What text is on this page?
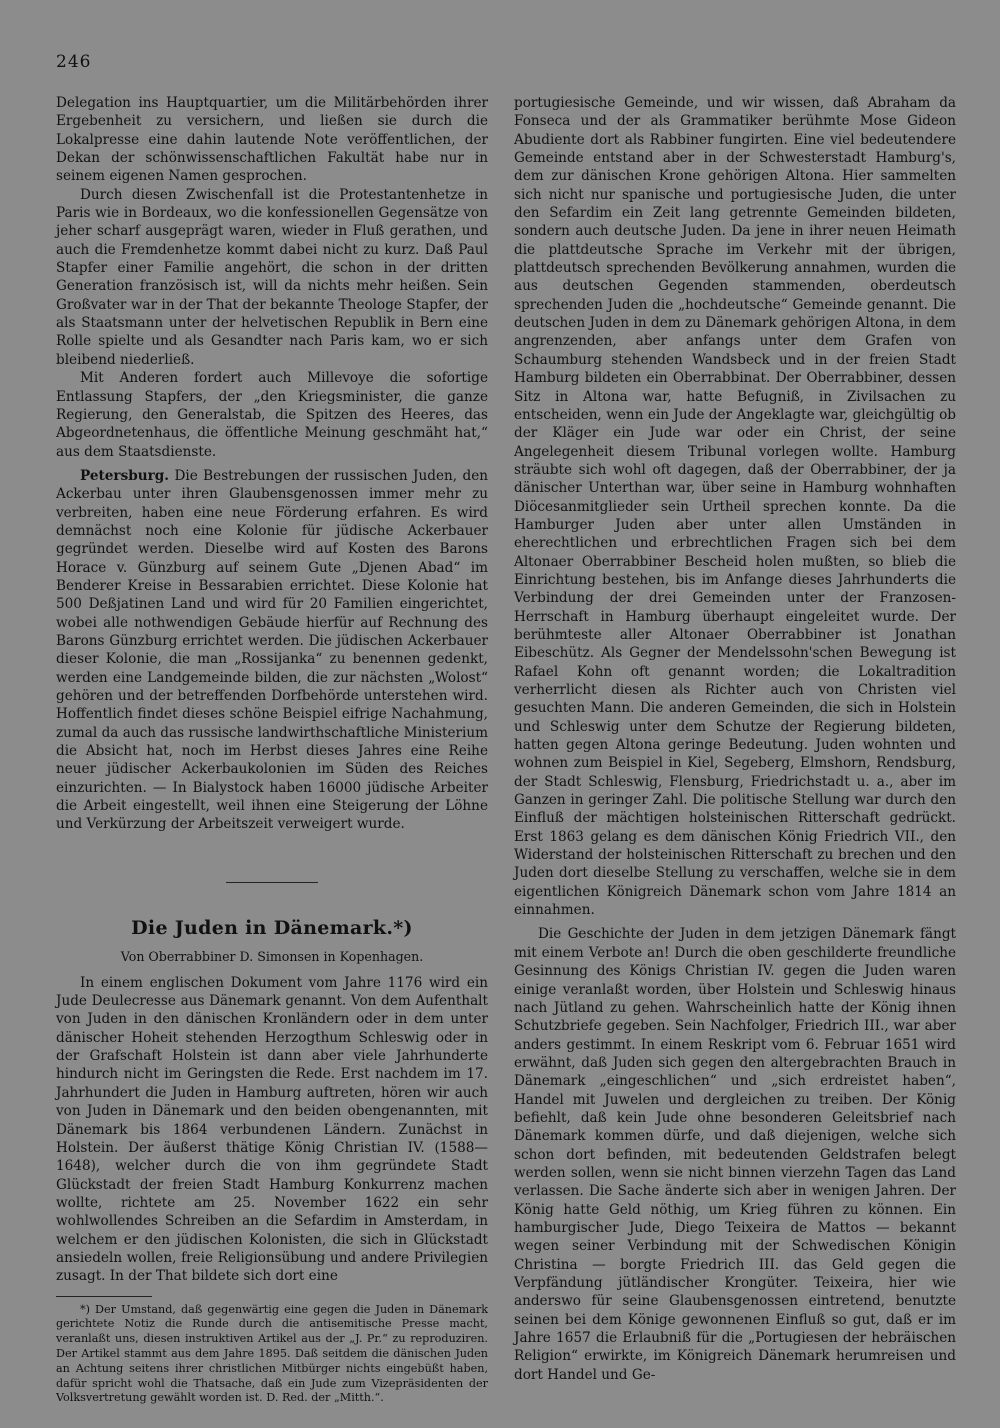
246

Delegation ins Hauptquartier, um die Militärbehörden ihrer Ergebenheit zu versichern, und ließen sie durch die Lokalpresse eine dahin lautende Note veröffentlichen, der Dekan der schönwissenschaftlichen Fakultät habe nur in seinem eigenen Namen gesprochen.

Durch diesen Zwischenfall ist die Protestantenhetze in Paris wie in Bordeaux, wo die konfessionellen Gegensätze von jeher scharf ausgeprägt waren, wieder in Fluß gerathen, und auch die Fremdenhetze kommt dabei nicht zu kurz. Daß Paul Stapfer einer Familie angehört, die schon in der dritten Generation französisch ist, will da nichts mehr heißen. Sein Großvater war in der That der bekannte Theologe Stapfer, der als Staatsmann unter der helvetischen Republik in Bern eine Rolle spielte und als Gesandter nach Paris kam, wo er sich bleibend niederließ.

Mit Anderen fordert auch Millevoye die sofortige Entlassung Stapfers, der „den Kriegsminister, die ganze Regierung, den Generalstab, die Spitzen des Heeres, das Abgeordnetenhaus, die öffentliche Meinung geschmäht hat,“ aus dem Staatsdienste.

Petersburg. Die Bestrebungen der russischen Juden, den Ackerbau unter ihren Glaubensgenossen immer mehr zu verbreiten, haben eine neue Förderung erfahren. Es wird demnächst noch eine Kolonie für jüdische Ackerbauer gegründet werden. Dieselbe wird auf Kosten des Barons Horace v. Günzburg auf seinem Gute „Djenen Abad“ im Benderer Kreise in Bessarabien errichtet. Diese Kolonie hat 500 Deßjatinen Land und wird für 20 Familien eingerichtet, wobei alle nothwendigen Gebäude hierfür auf Rechnung des Barons Günzburg errichtet werden. Die jüdischen Ackerbauer dieser Kolonie, die man „Rossijanka“ zu benennen gedenkt, werden eine Landgemeinde bilden, die zur nächsten „Wolost“ gehören und der betreffenden Dorfbehörde unterstehen wird. Hoffentlich findet dieses schöne Beispiel eifrige Nachahmung, zumal da auch das russische landwirthschaftliche Ministerium die Absicht hat, noch im Herbst dieses Jahres eine Reihe neuer jüdischer Ackerbaukolonien im Süden des Reiches einzurichten. — In Bialystock haben 16000 jüdische Arbeiter die Arbeit eingestellt, weil ihnen eine Steigerung der Löhne und Verkürzung der Arbeitszeit verweigert wurde.

Die Juden in Dänemark.*)
Von Oberrabbiner D. Simonsen in Kopenhagen.

In einem englischen Dokument vom Jahre 1176 wird ein Jude Deulecresse aus Dänemark genannt. Von dem Aufenthalt von Juden in den dänischen Kronländern oder in dem unter dänischer Hoheit stehenden Herzogthum Schleswig oder in der Grafschaft Holstein ist dann aber viele Jahrhunderte hindurch nicht im Geringsten die Rede. Erst nachdem im 17. Jahrhundert die Juden in Hamburg auftreten, hören wir auch von Juden in Dänemark und den beiden obengenannten, mit Dänemark bis 1864 verbundenen Ländern. Zunächst in Holstein. Der äußerst thätige König Christian IV. (1588—1648), welcher durch die von ihm gegründete Stadt Glückstadt der freien Stadt Hamburg Konkurrenz machen wollte, richtete am 25. November 1622 ein sehr wohlwollendes Schreiben an die Sefardim in Amsterdam, in welchem er den jüdischen Kolonisten, die sich in Glückstadt ansiedeln wollen, freie Religionsübung und andere Privilegien zusagt. In der That bildete sich dort eine

*) Der Umstand, daß gegenwärtig eine gegen die Juden in Dänemark gerichtete Notiz die Runde durch die antisemitische Presse macht, veranlaßt uns, diesen instruktiven Artikel aus der „J. Pr.“ zu reproduziren. Der Artikel stammt aus dem Jahre 1895. Daß seitdem die dänischen Juden an Achtung seitens ihrer christlichen Mitbürger nichts eingebüßt haben, dafür spricht wohl die Thatsache, daß ein Jude zum Vizepräsidenten der Volksvertretung gewählt worden ist. D. Red. der „Mitth.“.

portugiesische Gemeinde, und wir wissen, daß Abraham da Fonseca und der als Grammatiker berühmte Mose Gideon Abudiente dort als Rabbiner fungirten. Eine viel bedeutendere Gemeinde entstand aber in der Schwesterstadt Hamburg's, dem zur dänischen Krone gehörigen Altona. Hier sammelten sich nicht nur spanische und portugiesische Juden, die unter den Sefardim ein Zeit lang getrennte Gemeinden bildeten, sondern auch deutsche Juden. Da jene in ihrer neuen Heimath die plattdeutsche Sprache im Verkehr mit der übrigen, plattdeutsch sprechenden Bevölkerung annahmen, wurden die aus deutschen Gegenden stammenden, oberdeutsch sprechenden Juden die „hochdeutsche“ Gemeinde genannt. Die deutschen Juden in dem zu Dänemark gehörigen Altona, in dem angrenzenden, aber anfangs unter dem Grafen von Schaumburg stehenden Wandsbeck und in der freien Stadt Hamburg bildeten ein Oberrabbinat. Der Oberrabbiner, dessen Sitz in Altona war, hatte Befugniß, in Zivilsachen zu entscheiden, wenn ein Jude der Angeklagte war, gleichgültig ob der Kläger ein Jude war oder ein Christ, der seine Angelegenheit diesem Tribunal vorlegen wollte. Hamburg sträubte sich wohl oft dagegen, daß der Oberrabbiner, der ja dänischer Unterthan war, über seine in Hamburg wohnhaften Diöcesanmitglieder sein Urtheil sprechen konnte. Da die Hamburger Juden aber unter allen Umständen in eherechtlichen und erbrechtlichen Fragen sich bei dem Altonaer Oberrabbiner Bescheid holen mußten, so blieb die Einrichtung bestehen, bis im Anfange dieses Jahrhunderts die Verbindung der drei Gemeinden unter der Franzosen-Herrschaft in Hamburg überhaupt eingeleitet wurde. Der berühmteste aller Altonaer Oberrabbiner ist Jonathan Eibeschütz. Als Gegner der Mendelssohn'schen Bewegung ist Rafael Kohn oft genannt worden; die Lokaltradition verherrlicht diesen als Richter auch von Christen viel gesuchten Mann. Die anderen Gemeinden, die sich in Holstein und Schleswig unter dem Schutze der Regierung bildeten, hatten gegen Altona geringe Bedeutung. Juden wohnten und wohnen zum Beispiel in Kiel, Segeberg, Elmshorn, Rendsburg, der Stadt Schleswig, Flensburg, Friedrichstadt u. a., aber im Ganzen in geringer Zahl. Die politische Stellung war durch den Einfluß der mächtigen holsteinischen Ritterschaft gedrückt. Erst 1863 gelang es dem dänischen König Friedrich VII., den Widerstand der holsteinischen Ritterschaft zu brechen und den Juden dort dieselbe Stellung zu verschaffen, welche sie in dem eigentlichen Königreich Dänemark schon vom Jahre 1814 an einnahmen.

Die Geschichte der Juden in dem jetzigen Dänemark fängt mit einem Verbote an! Durch die oben geschilderte freundliche Gesinnung des Königs Christian IV. gegen die Juden waren einige veranlaßt worden, über Holstein und Schleswig hinaus nach Jütland zu gehen. Wahrscheinlich hatte der König ihnen Schutzbriefe gegeben. Sein Nachfolger, Friedrich III., war aber anders gestimmt. In einem Reskript vom 6. Februar 1651 wird erwähnt, daß Juden sich gegen den altergebrachten Brauch in Dänemark „eingeschlichen“ und „sich erdreistet haben“, Handel mit Juwelen und dergleichen zu treiben. Der König befiehlt, daß kein Jude ohne besonderen Geleitsbrief nach Dänemark kommen dürfe, und daß diejenigen, welche sich schon dort befinden, mit bedeutenden Geldstrafen belegt werden sollen, wenn sie nicht binnen vierzehn Tagen das Land verlassen. Die Sache änderte sich aber in wenigen Jahren. Der König hatte Geld nöthig, um Krieg führen zu können. Ein hamburgischer Jude, Diego Teixeira de Mattos — bekannt wegen seiner Verbindung mit der Schwedischen Königin Christina — borgte Friedrich III. das Geld gegen die Verpfändung jütländischer Krongüter. Teixeira, hier wie anderswo für seine Glaubensgenossen eintretend, benutzte seinen bei dem Könige gewonnenen Einfluß so gut, daß er im Jahre 1657 die Erlaubniß für die „Portugiesen der hebräischen Religion“ erwirkte, im Königreich Dänemark herumreisen und dort Handel und Ge-
